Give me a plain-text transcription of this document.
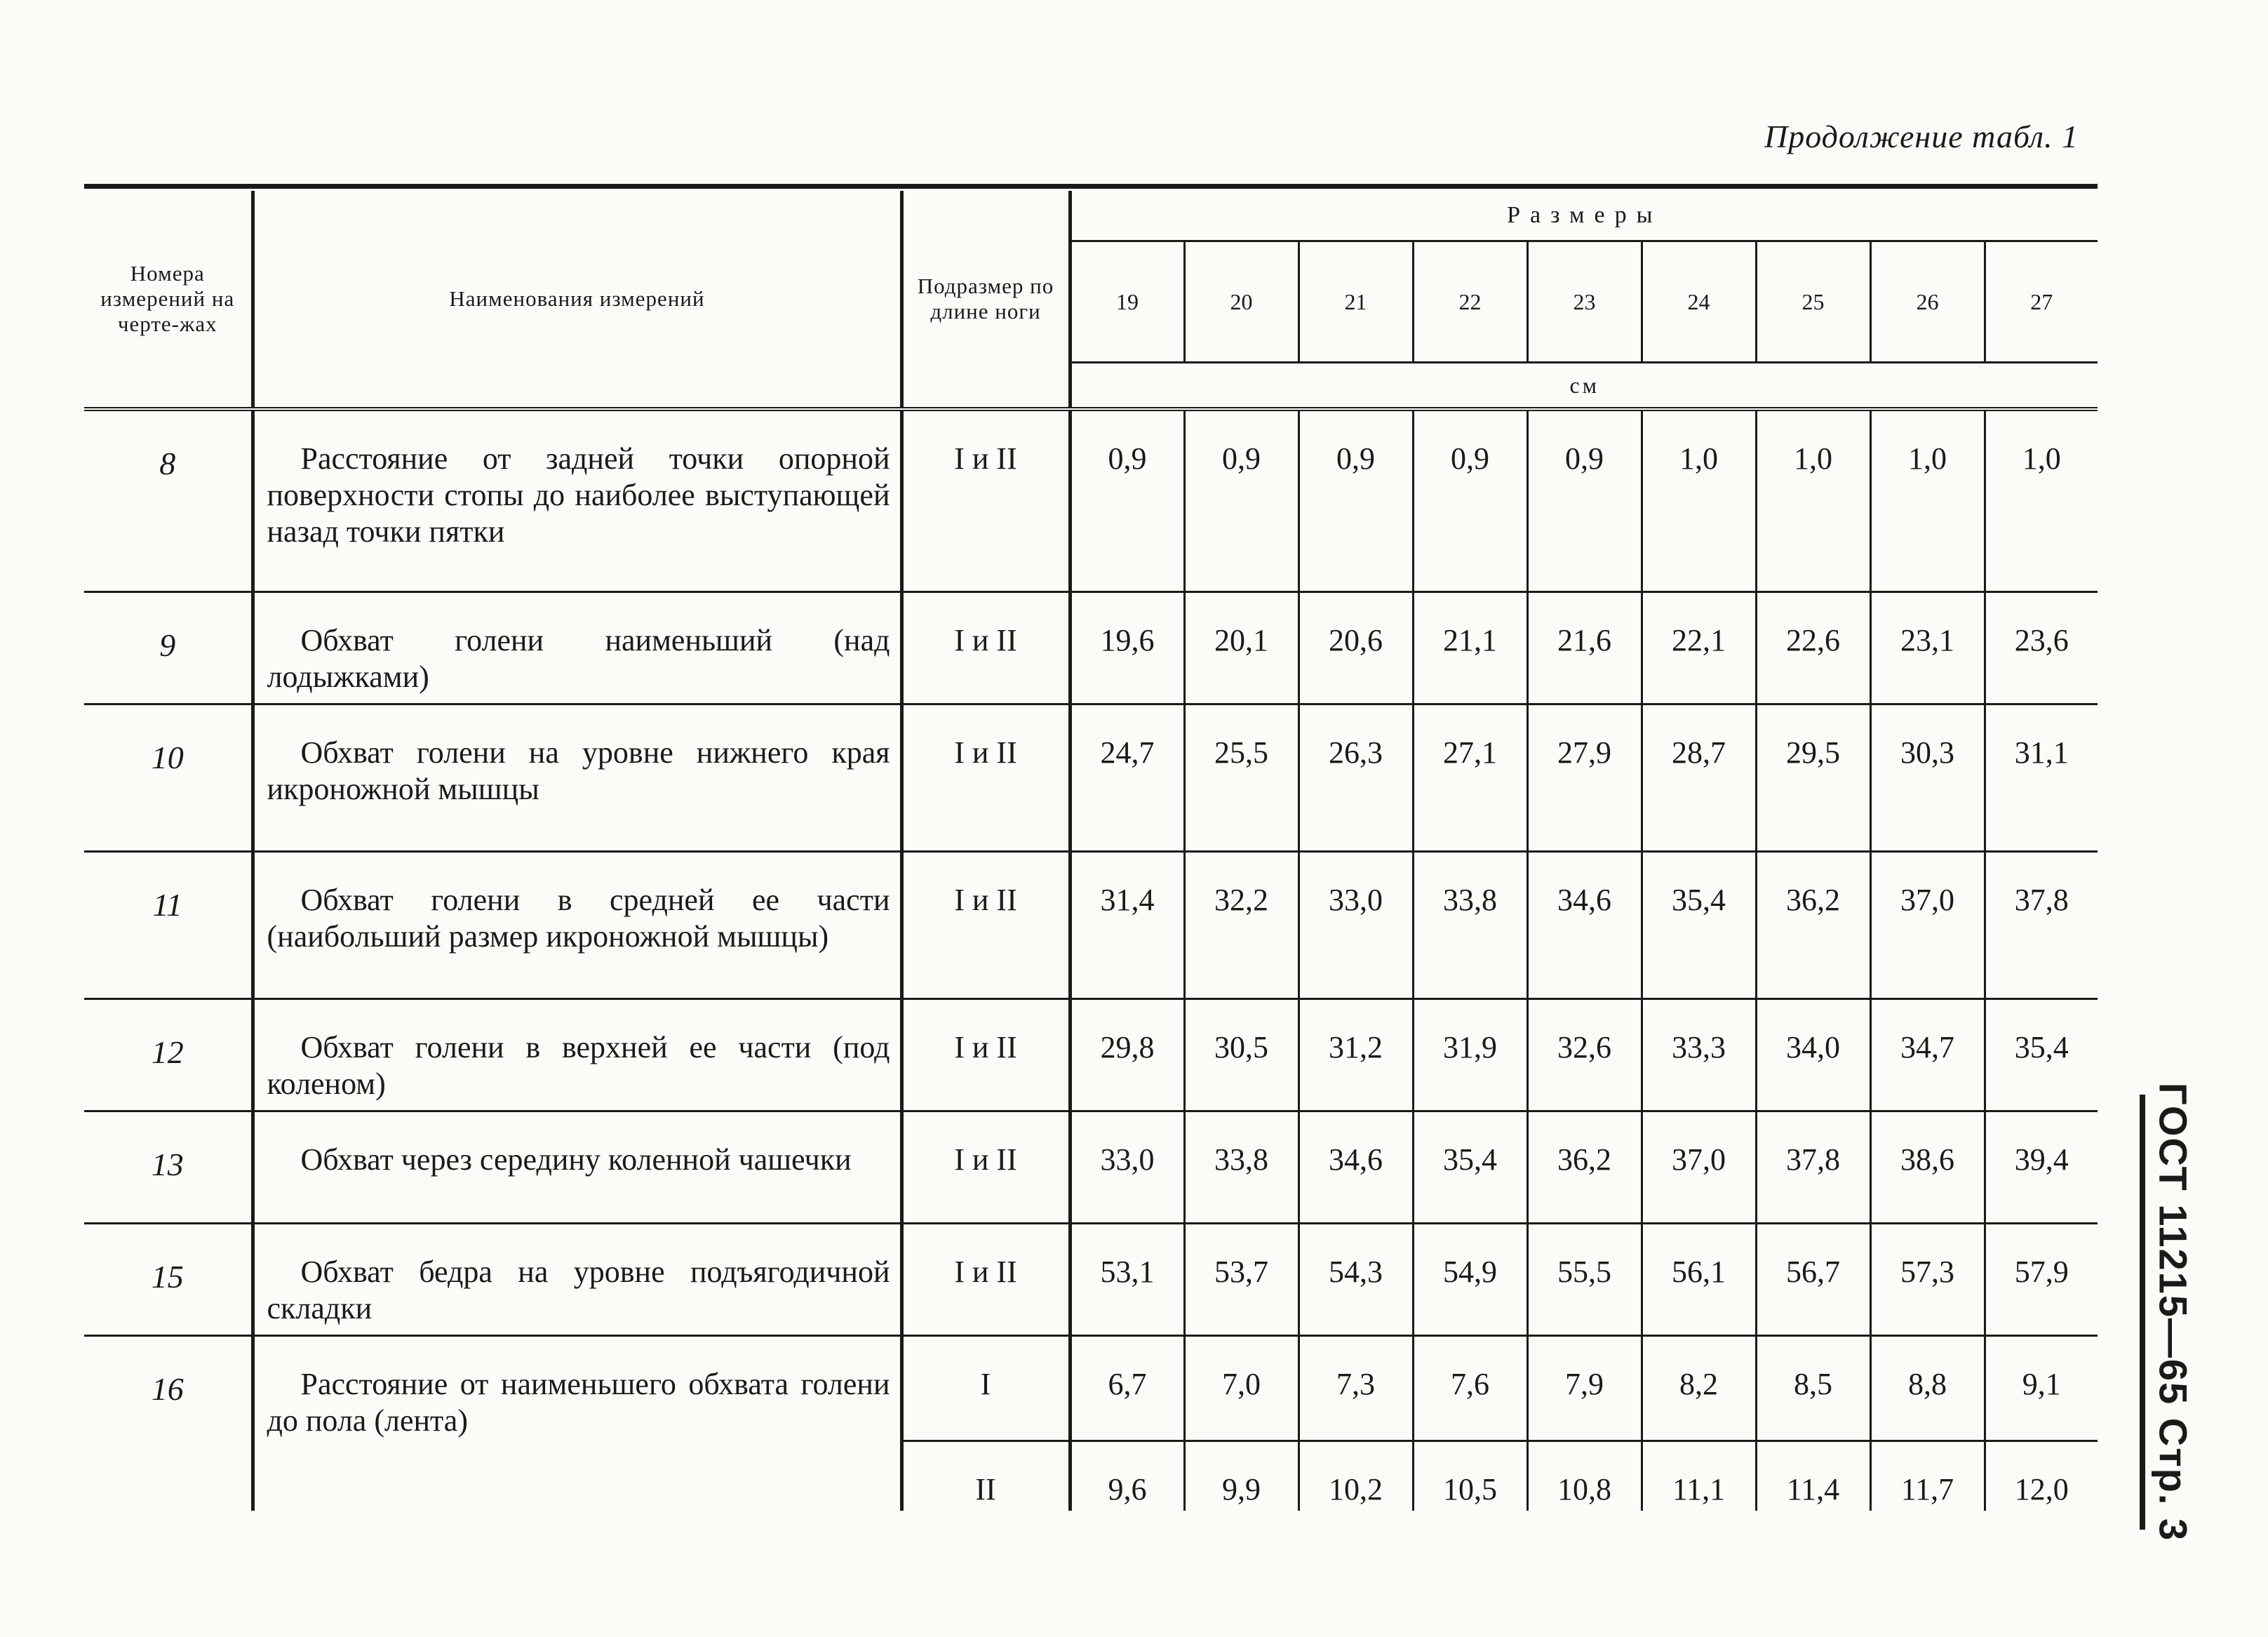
Продолжение табл. 1
Номера измерений на черте-жах	Наименования измерений	Подразмер по длине ноги	Размеры								
			19	20	21	22	23	24	25	26	27
			см								

8	Расстояние от задней точки опорной поверхности стопы до наиболее выступающей назад точки пятки	I и II	0,9	0,9	0,9	0,9	0,9	1,0	1,0	1,0	1,0
9	Обхват голени наименьший (над лодыжками)	I и II	19,6	20,1	20,6	21,1	21,6	22,1	22,6	23,1	23,6
10	Обхват голени на уровне нижнего края икроножной мышцы	I и II	24,7	25,5	26,3	27,1	27,9	28,7	29,5	30,3	31,1
11	Обхват голени в средней ее части (наибольший размер икроножной мышцы)	I и II	31,4	32,2	33,0	33,8	34,6	35,4	36,2	37,0	37,8
12	Обхват голени в верхней ее части (под коленом)	I и II	29,8	30,5	31,2	31,9	32,6	33,3	34,0	34,7	35,4
13	Обхват через середину коленной чашечки	I и II	33,0	33,8	34,6	35,4	36,2	37,0	37,8	38,6	39,4
15	Обхват бедра на уровне подъягодичной складки	I и II	53,1	53,7	54,3	54,9	55,5	56,1	56,7	57,3	57,9
16	Расстояние от наименьшего обхвата голени до пола (лента)	I	6,7	7,0	7,3	7,6	7,9	8,2	8,5	8,8	9,1
		II	9,6	9,9	10,2	10,5	10,8	11,1	11,4	11,7	12,0 ГОСТ 11215—65 Стр. 3
